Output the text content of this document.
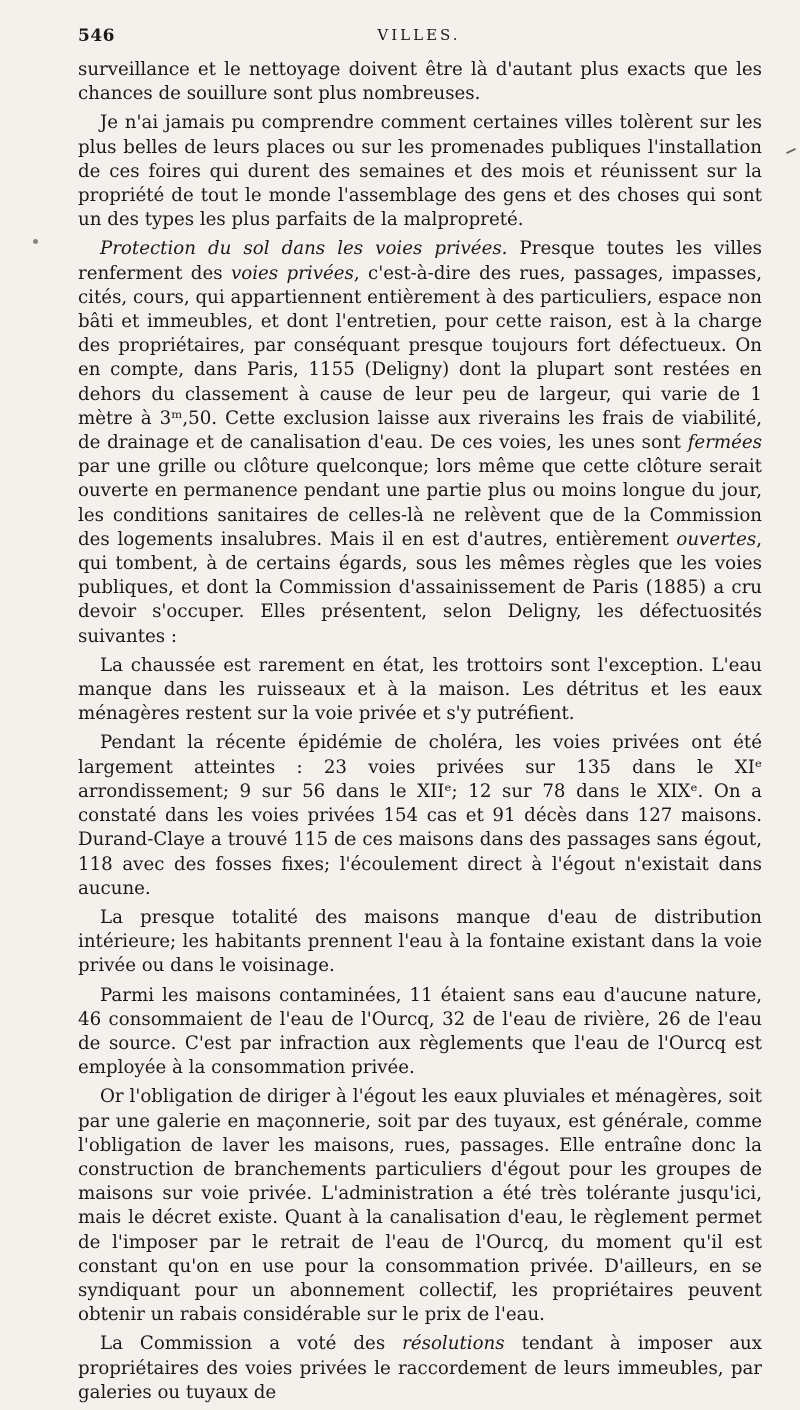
546	VILLES.

surveillance et le nettoyage doivent être là d'autant plus exacts que les chances de souillure sont plus nombreuses.

Je n'ai jamais pu comprendre comment certaines villes tolèrent sur les plus belles de leurs places ou sur les promenades publiques l'installation de ces foires qui durent des semaines et des mois et réunissent sur la propriété de tout le monde l'assemblage des gens et des choses qui sont un des types les plus parfaits de la malpropreté.

Protection du sol dans les voies privées. Presque toutes les villes renferment des voies privées, c'est-à-dire des rues, passages, impasses, cités, cours, qui appartiennent entièrement à des particuliers, espace non bâti et immeubles, et dont l'entretien, pour cette raison, est à la charge des propriétaires, par conséquant presque toujours fort défectueux. On en compte, dans Paris, 1155 (Deligny) dont la plupart sont restées en dehors du classement à cause de leur peu de largeur, qui varie de 1 mètre à 3ᵐ,50. Cette exclusion laisse aux riverains les frais de viabilité, de drainage et de canalisation d'eau. De ces voies, les unes sont fermées par une grille ou clôture quelconque; lors même que cette clôture serait ouverte en permanence pendant une partie plus ou moins longue du jour, les conditions sanitaires de celles-là ne relèvent que de la Commission des logements insalubres. Mais il en est d'autres, entièrement ouvertes, qui tombent, à de certains égards, sous les mêmes règles que les voies publiques, et dont la Commission d'assainissement de Paris (1885) a cru devoir s'occuper. Elles présentent, selon Deligny, les défectuosités suivantes :

La chaussée est rarement en état, les trottoirs sont l'exception. L'eau manque dans les ruisseaux et à la maison. Les détritus et les eaux ménagères restent sur la voie privée et s'y putréfient.

Pendant la récente épidémie de choléra, les voies privées ont été largement atteintes : 23 voies privées sur 135 dans le XIᵉ arrondissement; 9 sur 56 dans le XIIᵉ; 12 sur 78 dans le XIXᵉ. On a constaté dans les voies privées 154 cas et 91 décès dans 127 maisons. Durand-Claye a trouvé 115 de ces maisons dans des passages sans égout, 118 avec des fosses fixes; l'écoulement direct à l'égout n'existait dans aucune.

La presque totalité des maisons manque d'eau de distribution intérieure; les habitants prennent l'eau à la fontaine existant dans la voie privée ou dans le voisinage.

Parmi les maisons contaminées, 11 étaient sans eau d'aucune nature, 46 consommaient de l'eau de l'Ourcq, 32 de l'eau de rivière, 26 de l'eau de source. C'est par infraction aux règlements que l'eau de l'Ourcq est employée à la consommation privée.

Or l'obligation de diriger à l'égout les eaux pluviales et ménagères, soit par une galerie en maçonnerie, soit par des tuyaux, est générale, comme l'obligation de laver les maisons, rues, passages. Elle entraîne donc la construction de branchements particuliers d'égout pour les groupes de maisons sur voie privée. L'administration a été très tolérante jusqu'ici, mais le décret existe. Quant à la canalisation d'eau, le règlement permet de l'imposer par le retrait de l'eau de l'Ourcq, du moment qu'il est constant qu'on en use pour la consommation privée. D'ailleurs, en se syndiquant pour un abonnement collectif, les propriétaires peuvent obtenir un rabais considérable sur le prix de l'eau.

La Commission a voté des résolutions tendant à imposer aux propriétaires des voies privées le raccordement de leurs immeubles, par galeries ou tuyaux de
